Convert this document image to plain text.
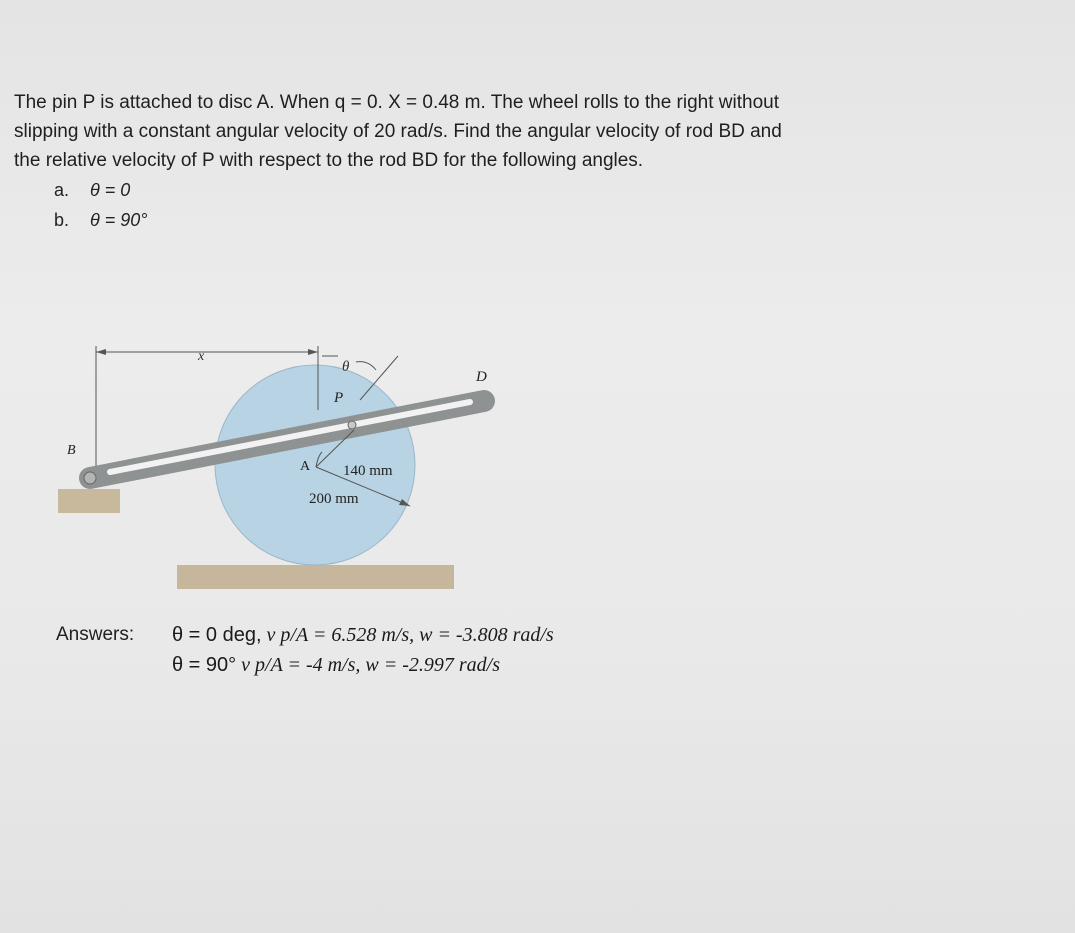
The pin P is attached to disc A. When q = 0. X = 0.48 m. The wheel rolls to the right without

slipping with a constant angular velocity of 20 rad/s. Find the angular velocity of rod BD and

the relative velocity of P with respect to the rod BD for the following angles.

a. θ = 0
b. θ = 90°
x
θ
P
D
B
A 140 mm
200 mm
Answers: θ = 0 deg, v p/A = 6.528 m/s, w = -3.808 rad/s
θ = 90° v p/A = -4 m/s, w = -2.997 rad/s
